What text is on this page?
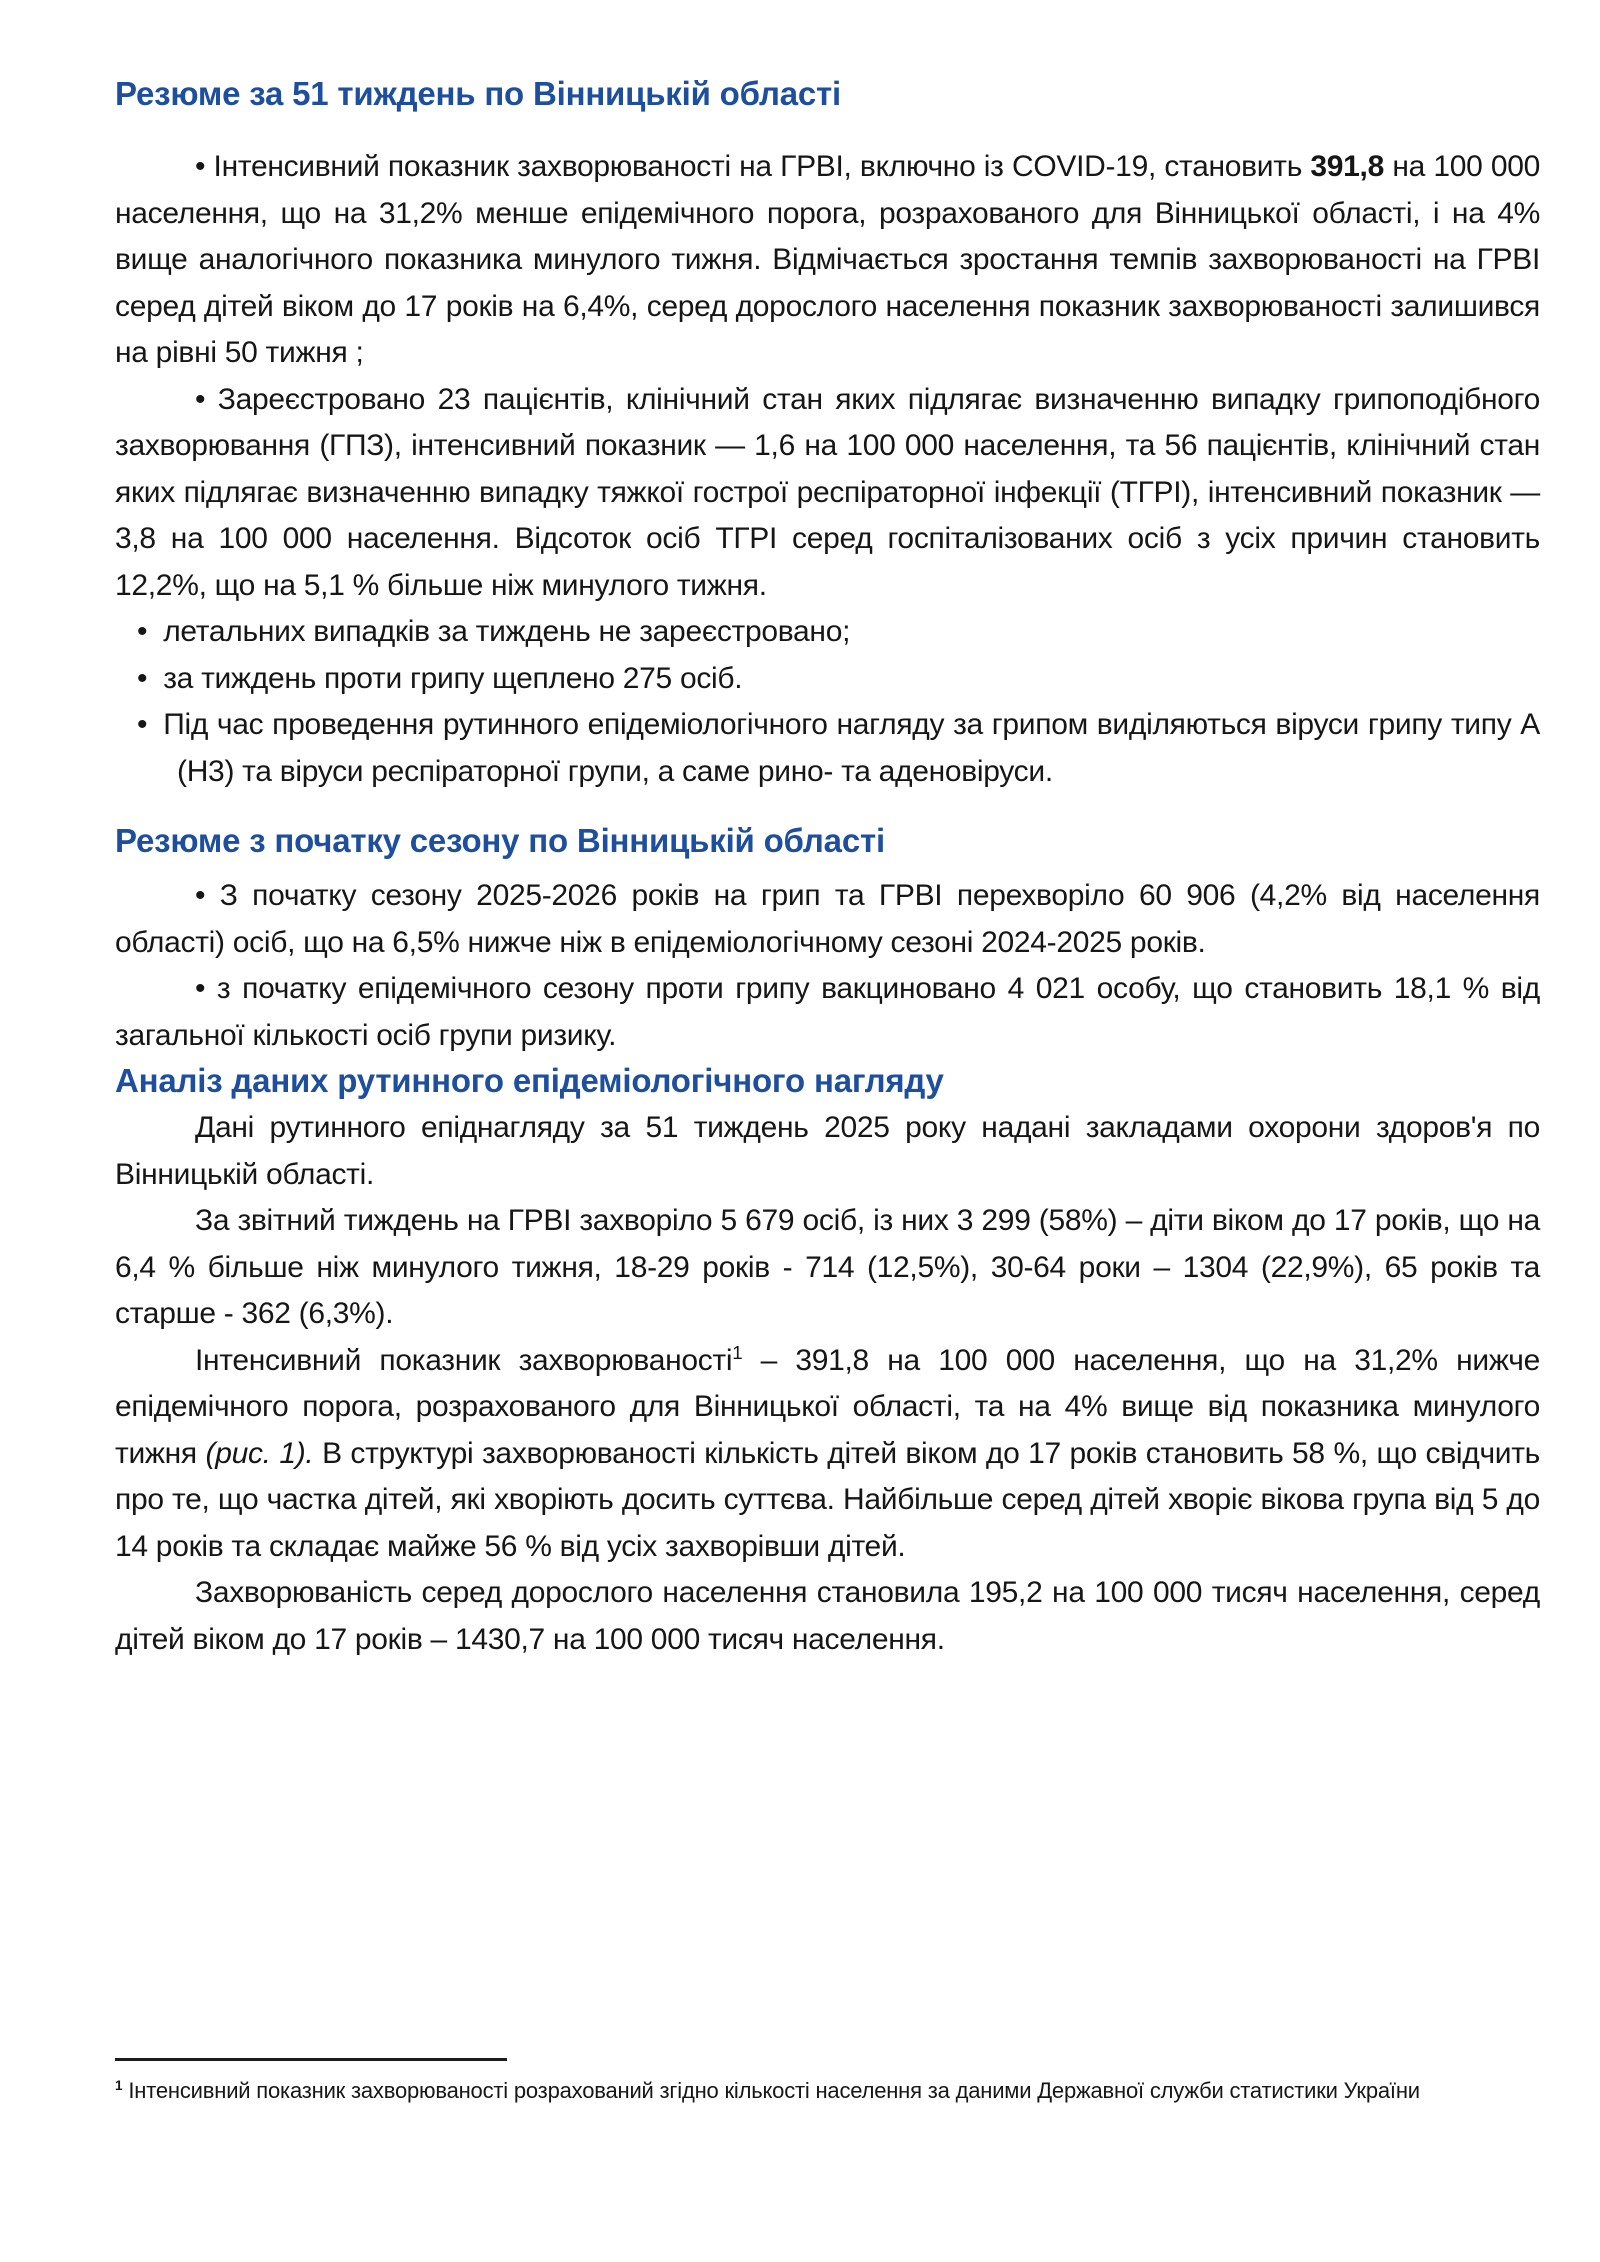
Резюме за 51 тиждень по Вінницькій області

• Інтенсивний показник захворюваності на ГРВІ, включно із COVID-19, становить 391,8 на 100 000 населення, що на 31,2% менше епідемічного порога, розрахованого для Вінницької області, і на 4% вище аналогічного показника минулого тижня. Відмічається зростання темпів захворюваності на ГРВІ серед дітей віком до 17 років на 6,4%, серед дорослого населення показник захворюваності залишився на рівні 50 тижня ;

• Зареєстровано 23 пацієнтів, клінічний стан яких підлягає визначенню випадку грипоподібного захворювання (ГПЗ), інтенсивний показник — 1,6 на 100 000 населення, та 56 пацієнтів, клінічний стан яких підлягає визначенню випадку тяжкої гострої респіраторної інфекції (ТГРІ), інтенсивний показник — 3,8 на 100 000 населення. Відсоток осіб ТГРІ серед госпіталізованих осіб з усіх причин становить 12,2%, що на 5,1 % більше ніж минулого тижня.

• летальних випадків за тиждень не зареєстровано;
• за тиждень проти грипу щеплено 275 осіб.
• Під час проведення рутинного епідеміологічного нагляду за грипом виділяються віруси грипу типу А (Н3) та віруси респіраторної групи, а саме рино- та аденовіруси.
Резюме з початку сезону по Вінницькій області

• З початку сезону 2025-2026 років на грип та ГРВІ перехворіло 60 906 (4,2% від населення області) осіб, що на 6,5% нижче ніж в епідеміологічному сезоні 2024-2025 років.

• з початку епідемічного сезону проти грипу вакциновано 4 021 особу, що становить 18,1 % від загальної кількості осіб групи ризику.

Аналіз даних рутинного епідеміологічного нагляду

Дані рутинного епіднагляду за 51 тиждень 2025 року надані закладами охорони здоров'я по Вінницькій області.

За звітний тиждень на ГРВІ захворіло 5 679 осіб, із них 3 299 (58%) – діти віком до 17 років, що на 6,4 % більше ніж минулого тижня, 18-29 років - 714 (12,5%), 30-64 роки – 1304 (22,9%), 65 років та старше - 362 (6,3%).

Інтенсивний показник захворюваності$^1$ – 391,8 на 100 000 населення, що на 31,2% нижче епідемічного порога, розрахованого для Вінницької області, та на 4% вище від показника минулого тижня (рис. 1). В структурі захворюваності кількість дітей віком до 17 років становить 58 %, що свідчить про те, що частка дітей, які хворіють досить суттєва. Найбільше серед дітей хворіє вікова група від 5 до 14 років та складає майже 56 % від усіх захворівши дітей.

Захворюваність серед дорослого населення становила 195,2 на 100 000 тисяч населення, серед дітей віком до 17 років – 1430,7 на 100 000 тисяч населення.

$^1$ Інтенсивний показник захворюваності розрахований згідно кількості населення за даними Державної служби статистики України
